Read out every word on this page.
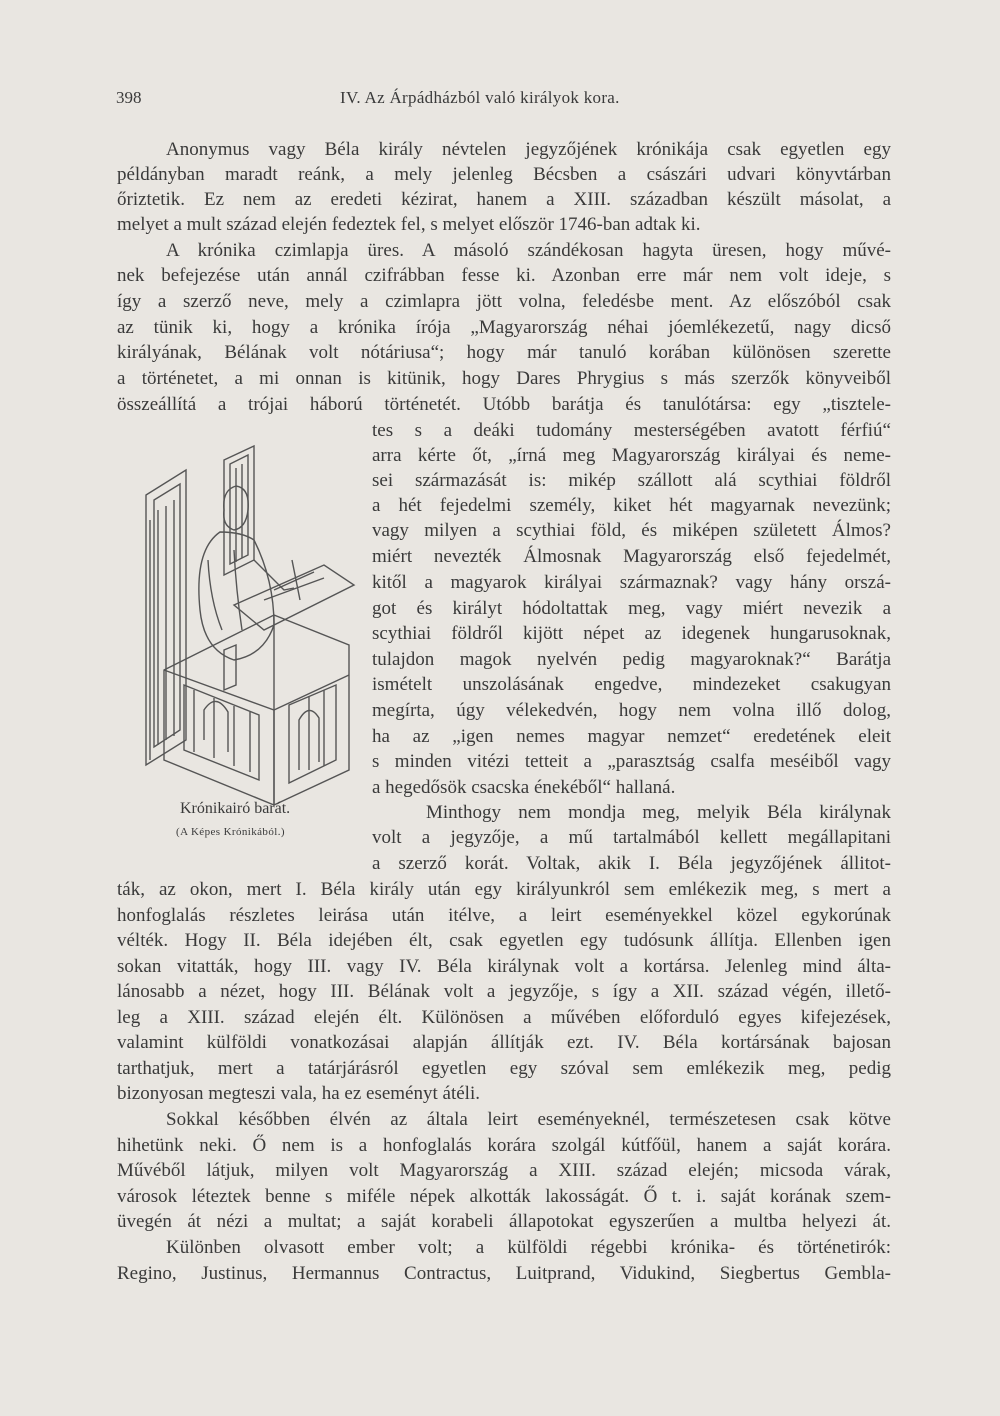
398	IV. Az Árpádházból való királyok kora.
Krónikairó barát.
(A Képes Krónikából.)
Anonymus vagy Béla király névtelen jegyzőjének krónikája csak egyetlen egy
példányban maradt reánk, a mely jelenleg Bécsben a császári udvari könyvtárban
őriztetik. Ez nem az eredeti kézirat, hanem a XIII. században készült másolat, a
melyet a mult század elején fedeztek fel, s melyet először 1746-ban adtak ki.
A krónika czimlapja üres. A másoló szándékosan hagyta üresen, hogy művé-
nek befejezése után annál czifrábban fesse ki. Azonban erre már nem volt ideje, s
így a szerző neve, mely a czimlapra jött volna, feledésbe ment. Az előszóból csak
az tünik ki, hogy a krónika írója „Magyarország néhai jóemlékezetű, nagy dicső
királyának, Bélának volt nótáriusa“; hogy már tanuló korában különösen szerette
a történetet, a mi onnan is kitünik, hogy Dares Phrygius s más szerzők könyveiből
összeállítá a trójai háború történetét. Utóbb barátja és tanulótársa: egy „tisztele-
tes s a deáki tudomány mesterségében avatott férfiú“
arra kérte őt, „írná meg Magyarország királyai és neme-
sei származását is: mikép szállott alá scythiai földről
a hét fejedelmi személy, kiket hét magyarnak nevezünk;
vagy milyen a scythiai föld, és miképen született Álmos?
miért nevezték Álmosnak Magyarország első fejedelmét,
kitől a magyarok királyai származnak? vagy hány orszá-
got és királyt hódoltattak meg, vagy miért nevezik a
scythiai földről kijött népet az idegenek hungarusoknak,
tulajdon magok nyelvén pedig magyaroknak?“ Barátja
ismételt unszolásának engedve, mindezeket csakugyan
megírta, úgy vélekedvén, hogy nem volna illő dolog,
ha az „igen nemes magyar nemzet“ eredetének eleit
s minden vitézi tetteit a „parasztság csalfa meséiből vagy
a hegedősök csacska énekéből“ hallaná.
Minthogy nem mondja meg, melyik Béla királynak
volt a jegyzője, a mű tartalmából kellett megállapitani
a szerző korát. Voltak, akik I. Béla jegyzőjének állitot-
ták, az okon, mert I. Béla király után egy királyunkról sem emlékezik meg, s mert a
honfoglalás részletes leirása után itélve, a leirt eseményekkel közel egykorúnak
vélték. Hogy II. Béla idejében élt, csak egyetlen egy tudósunk állítja. Ellenben igen
sokan vitatták, hogy III. vagy IV. Béla királynak volt a kortársa. Jelenleg mind álta-
lánosabb a nézet, hogy III. Bélának volt a jegyzője, s így a XII. század végén, illető-
leg a XIII. század elején élt. Különösen a művében előforduló egyes kifejezések,
valamint külföldi vonatkozásai alapján állítják ezt. IV. Béla kortársának bajosan
tarthatjuk, mert a tatárjárásról egyetlen egy szóval sem emlékezik meg, pedig
bizonyosan megteszi vala, ha ez eseményt átéli.
Sokkal későbben élvén az általa leirt eseményeknél, természetesen csak kötve
hihetünk neki. Ő nem is a honfoglalás korára szolgál kútfőül, hanem a saját korára.
Művéből látjuk, milyen volt Magyarország a XIII. század elején; micsoda várak,
városok léteztek benne s miféle népek alkották lakosságát. Ő t. i. saját korának szem-
üvegén át nézi a multat; a saját korabeli állapotokat egyszerűen a multba helyezi át.
Különben olvasott ember volt; a külföldi régebbi krónika- és történetirók:
Regino, Justinus, Hermannus Contractus, Luitprand, Vidukind, Siegbertus Gembla-
